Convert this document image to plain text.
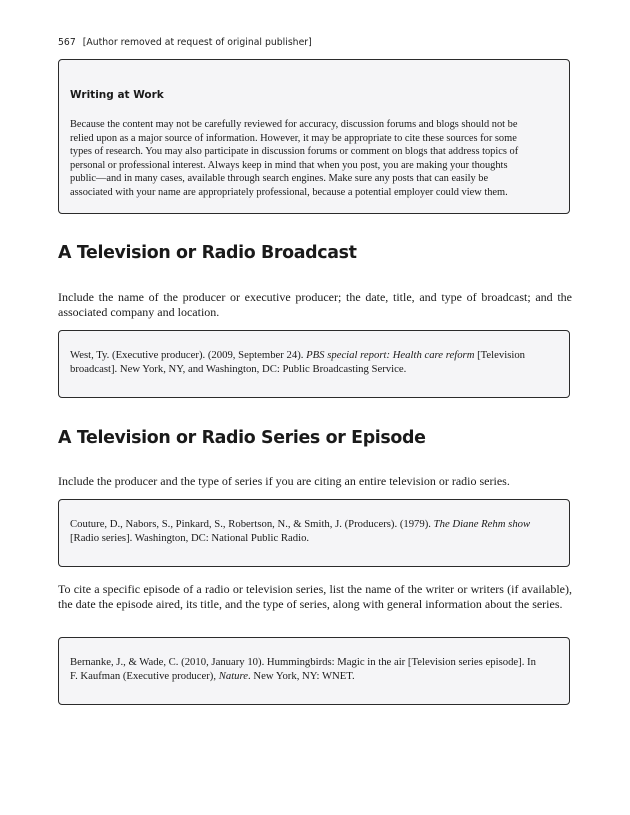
567 [Author removed at request of original publisher]

Writing at Work

Because the content may not be carefully reviewed for accuracy, discussion forums and blogs should not be
relied upon as a major source of information. However, it may be appropriate to cite these sources for some
types of research. You may also participate in discussion forums or comment on blogs that address topics of
personal or professional interest. Always keep in mind that when you post, you are making your thoughts
public—and in many cases, available through search engines. Make sure any posts that can easily be
associated with your name are appropriately professional, because a potential employer could view them.
A Television or Radio Broadcast

Include the name of the producer or executive producer; the date, title, and type of broadcast; and the associated company and location.

West, Ty. (Executive producer). (2009, September 24). PBS special report: Health care reform [Television
broadcast]. New York, NY, and Washington, DC: Public Broadcasting Service.
A Television or Radio Series or Episode

Include the producer and the type of series if you are citing an entire television or radio series.

Couture, D., Nabors, S., Pinkard, S., Robertson, N., & Smith, J. (Producers). (1979). The Diane Rehm show
[Radio series]. Washington, DC: National Public Radio.

To cite a specific episode of a radio or television series, list the name of the writer or writers (if available), the date the episode aired, its title, and the type of series, along with general information about the series.

Bernanke, J., & Wade, C. (2010, January 10). Hummingbirds: Magic in the air [Television series episode]. In
F. Kaufman (Executive producer), Nature. New York, NY: WNET.
